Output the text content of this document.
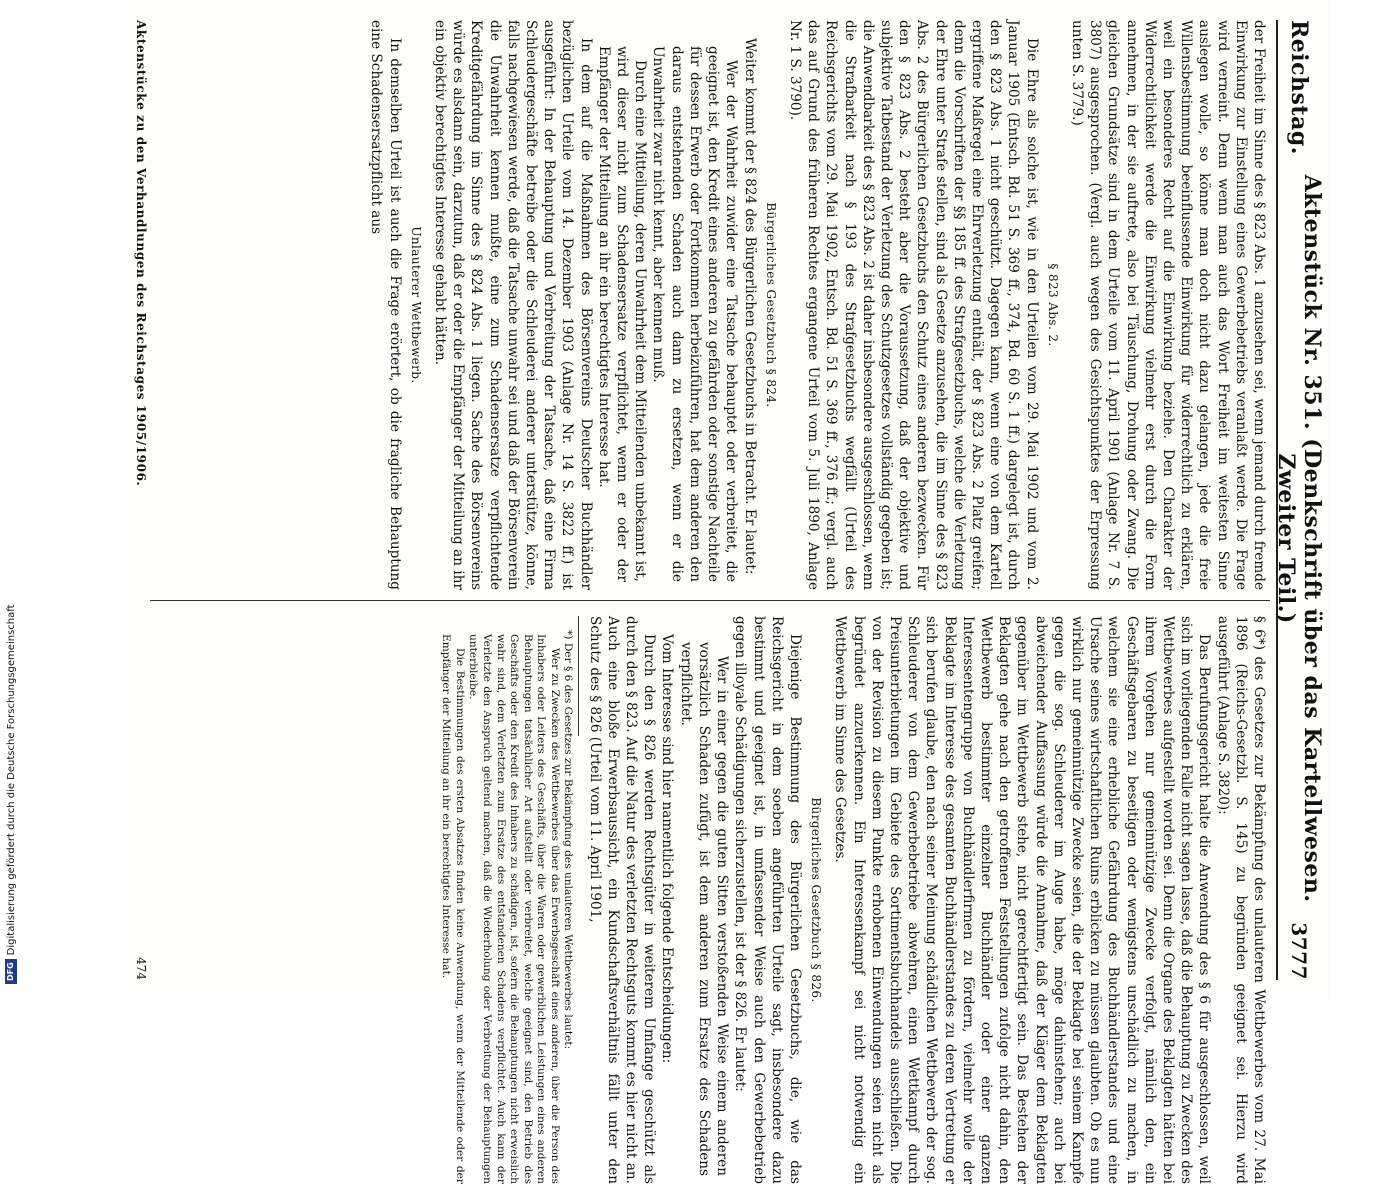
DFG
Digitalisierung gefördert durch die Deutsche Forschungsgemeinschaft
Reichstag.
Aktenstück Nr. 351. (Denkschrift über das Kartellwesen. Zweiter Teil.)
3777

der Freiheit im Sinne des § 823 Abs. 1 anzusehen sei, wenn jemand durch fremde Einwirkung zur Einstellung eines Gewerbebetriebs veranlaßt werde. Die Frage wird verneint. Denn wenn man auch das Wort Freiheit im weitesten Sinne auslegen wolle, so könne man doch nicht dazu gelangen, jede die freie Willensbestimmung beeinflussende Einwirkung für widerrechtlich zu erklären, weil ein besonderes Recht auf die Einwirkung beziehe. Den Charakter der Widerrechtlichkeit werde die Einwirkung vielmehr erst durch die Form annehmen, in der sie auftrete, also bei Täuschung, Drohung oder Zwang. Die gleichen Grundsätze sind in dem Urteile vom 11. April 1901 (Anlage Nr. 7 S. 3807) ausgesprochen. (Vergl. auch wegen des Gesichtspunktes der Erpressung unten S. 3779.)

§ 823 Abs. 2.

Die Ehre als solche ist, wie in den Urteilen vom 29. Mai 1902 und vom 2. Januar 1905 (Entsch. Bd. 51 S. 369 ff., 374, Bd. 60 S. 1 ff.) dargelegt ist, durch den § 823 Abs. 1 nicht geschützt. Dagegen kann, wenn eine von dem Kartell ergriffene Maßregel eine Ehrverletzung enthält, der § 823 Abs. 2 Platz greifen; denn die Vorschriften der §§ 185 ff. des Strafgesetzbuchs, welche die Verletzung der Ehre unter Strafe stellen, sind als Gesetze anzusehen, die im Sinne des § 823 Abs. 2 des Bürgerlichen Gesetzbuchs den Schutz eines anderen bezwecken. Für den § 823 Abs. 2 besteht aber die Voraussetzung, daß der objektive und subjektive Tatbestand der Verletzung des Schutzgesetzes vollständig gegeben ist; die Anwendbarkeit des § 823 Abs. 2 ist daher insbesondere ausgeschlossen, wenn die Strafbarkeit nach § 193 des Strafgesetzbuchs wegfällt (Urteil des Reichsgerichts vom 29. Mai 1902, Entsch. Bd. 51 S. 369 ff., 376 ff.; vergl. auch das auf Grund des früheren Rechtes ergangene Urteil vom 5. Juli 1890, Anlage Nr. 1 S. 3790).

Bürgerliches Gesetzbuch § 824.

Weiter kommt der § 824 des Bürgerlichen Gesetzbuchs in Betracht. Er lautet:

Wer der Wahrheit zuwider eine Tatsache behauptet oder verbreitet, die geeignet ist, den Kredit eines anderen zu gefährden oder sonstige Nachteile für dessen Erwerb oder Fortkommen herbeizuführen, hat dem anderen den daraus entstehenden Schaden auch dann zu ersetzen, wenn er die Unwahrheit zwar nicht kennt, aber kennen muß.

Durch eine Mitteilung, deren Unwahrheit dem Mitteilenden unbekannt ist, wird dieser nicht zum Schadensersatze verpflichtet, wenn er oder der Empfänger der Mitteilung an ihr ein berechtigtes Interesse hat.

In dem auf die Maßnahmen des Börsenvereins Deutscher Buchhändler bezüglichen Urteile vom 14. Dezember 1903 (Anlage Nr. 14 S. 3822 ff.) ist ausgeführt: In der Behauptung und Verbreitung der Tatsache, daß eine Firma Schleudergeschäfte betreibe oder die Schleuderei anderer unterstütze, könne, falls nachgewiesen werde, daß die Tatsache unwahr sei und daß der Börsenverein die Unwahrheit kennen mußte, eine zum Schadensersatze verpflichtende Kreditgefährdung im Sinne des § 824 Abs. 1 liegen. Sache des Börsenvereins würde es alsdann sein, darzutun, daß er oder die Empfänger der Mitteilung an ihr ein objektiv berechtigtes Interesse gehabt hätten.

Unlauterer Wettbewerb.

In demselben Urteil ist auch die Frage erörtert, ob die fragliche Behauptung eine Schadensersatzpflicht aus

§ 6*) des Gesetzes zur Bekämpfung des unlauteren Wettbewerbes vom 27. Mai 1896 (Reichs-Gesetzbl. S. 145) zu begründen geeignet sei. Hierzu wird ausgeführt (Anlage S. 3820):

Das Berufungsgericht halte die Anwendung des § 6 für ausgeschlossen, weil sich im vorliegenden Falle nicht sagen lasse, daß die Behauptung zu Zwecken des Wettbewerbes aufgestellt worden sei. Denn die Organe des Beklagten hätten bei ihrem Vorgehen nur gemeinnützige Zwecke verfolgt, nämlich den, ein Geschäftsgebaren zu beseitigen oder wenigstens unschädlich zu machen, in welchem sie eine erhebliche Gefährdung des Buchhändlerstandes und eine Ursache seines wirtschaftlichen Ruins erblicken zu müssen glaubten. Ob es nun wirklich nur gemeinnützige Zwecke seien, die der Beklagte bei seinem Kampfe gegen die sog. Schleuderer im Auge habe, möge dahinstehen; auch bei abweichender Auffassung würde die Annahme, daß der Kläger dem Beklagten gegenüber im Wettbewerb stehe, nicht gerechtfertigt sein. Das Bestehen der Beklagten gehe nach den getroffenen Feststellungen zufolge nicht dahin, den Wettbewerb bestimmter einzelner Buchhändler oder einer ganzen Interessentengruppe von Buchhändlerfirmen zu fördern, vielmehr wolle der Beklagte im Interesse des gesamten Buchhändlerstandes zu deren Vertretung er sich berufen glaube, den nach seiner Meinung schädlichen Wettbewerb der sog. Schleuderer von dem Gewerbebetriebe abwehren, einen Wettkampf durch Preisunterbietungen im Gebiete des Sortimentsbuchhandels ausschließen. Die von der Revision zu diesem Punkte erhobenen Einwendungen seien nicht als begründet anzuerkennen. Ein Interessenkampf sei nicht notwendig ein Wettbewerb im Sinne des Gesetzes.

Bürgerliches Gesetzbuch § 826.

Diejenige Bestimmung des Bürgerlichen Gesetzbuchs, die, wie das Reichsgericht in dem soeben angeführten Urteile sagt, insbesondere dazu bestimmt und geeignet ist, in umfassender Weise auch den Gewerbebetrieb gegen illoyale Schädigungen sicherzustellen, ist der § 826. Er lautet:

Wer in einer gegen die guten Sitten verstoßenden Weise einem anderen vorsätzlich Schaden zufügt, ist dem anderen zum Ersatze des Schadens verpflichtet.

Vom Interesse sind hier namentlich folgende Entscheidungen:

Durch den § 826 werden Rechtsgüter in weiterem Umfange geschützt als durch den § 823. Auf die Natur des verletzten Rechtsguts kommt es hier nicht an. Auch eine bloße Erwerbsaussicht, ein Kundschaftsverhältnis fällt unter den Schutz des § 826 (Urteil vom 11. April 1901,

*) Der § 6 des Gesetzes zur Bekämpfung des unlauteren Wettbewerbes lautet:

Wer zu Zwecken des Wettbewerbes über das Erwerbsgeschäft eines anderen, über die Person des Inhabers oder Leiters des Geschäfts, über die Waren oder gewerblichen Leistungen eines anderen Behauptungen tatsächlicher Art aufstellt oder verbreitet, welche geeignet sind, den Betrieb des Geschäfts oder den Kredit des Inhabers zu schädigen, ist, sofern die Behauptungen nicht erweislich wahr sind, dem Verletzten zum Ersatze des entstandenen Schadens verpflichtet. Auch kann der Verletzte den Anspruch geltend machen, daß die Wiederholung oder Verbreitung der Behauptungen unterbleibe.

Die Bestimmungen des ersten Absatzes finden keine Anwendung, wenn der Mitteilende oder der Empfänger der Mitteilung an ihr ein berechtigtes Interesse hat.

Aktenstücke zu den Verhandlungen des Reichstages 1905/1906.
474
